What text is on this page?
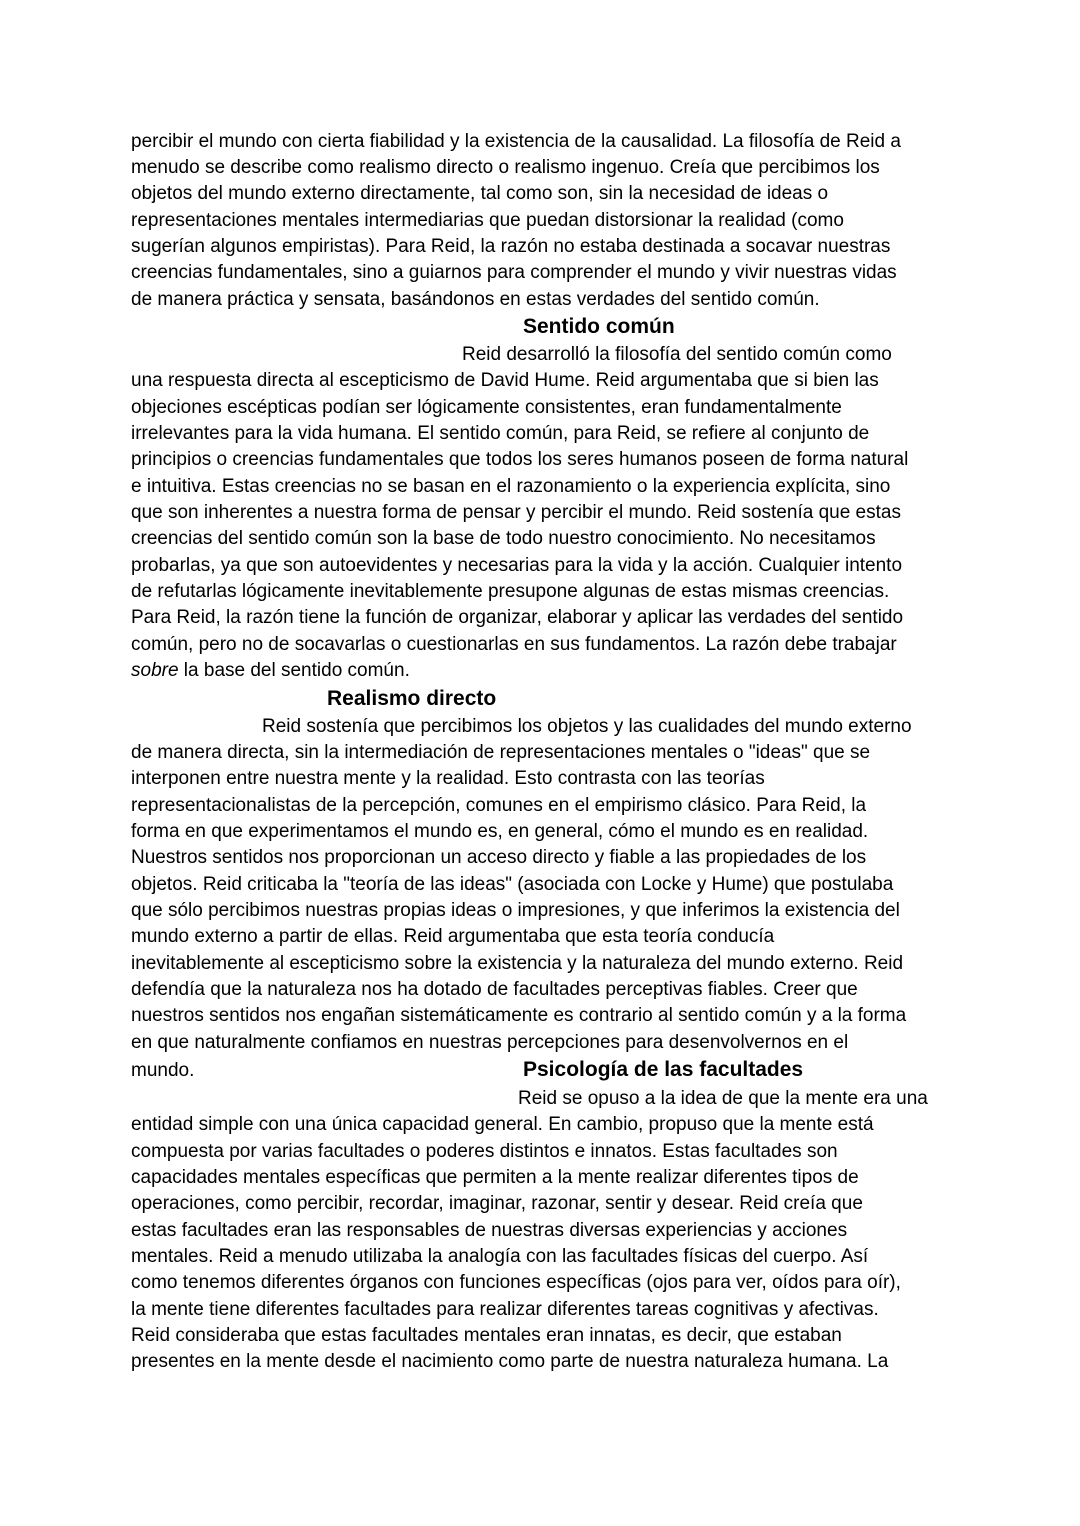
percibir el mundo con cierta fiabilidad y la existencia de la causalidad. La filosofía de Reid a
menudo se describe como realismo directo o realismo ingenuo. Creía que percibimos los
objetos del mundo externo directamente, tal como son, sin la necesidad de ideas o
representaciones mentales intermediarias que puedan distorsionar la realidad (como
sugerían algunos empiristas). Para Reid, la razón no estaba destinada a socavar nuestras
creencias fundamentales, sino a guiarnos para comprender el mundo y vivir nuestras vidas
de manera práctica y sensata, basándonos en estas verdades del sentido común.
Sentido común
Reid desarrolló la filosofía del sentido común como
una respuesta directa al escepticismo de David Hume. Reid argumentaba que si bien las
objeciones escépticas podían ser lógicamente consistentes, eran fundamentalmente
irrelevantes para la vida humana. El sentido común, para Reid, se refiere al conjunto de
principios o creencias fundamentales que todos los seres humanos poseen de forma natural
e intuitiva. Estas creencias no se basan en el razonamiento o la experiencia explícita, sino
que son inherentes a nuestra forma de pensar y percibir el mundo. Reid sostenía que estas
creencias del sentido común son la base de todo nuestro conocimiento. No necesitamos
probarlas, ya que son autoevidentes y necesarias para la vida y la acción. Cualquier intento
de refutarlas lógicamente inevitablemente presupone algunas de estas mismas creencias.
Para Reid, la razón tiene la función de organizar, elaborar y aplicar las verdades del sentido
común, pero no de socavarlas o cuestionarlas en sus fundamentos. La razón debe trabajar
sobre la base del sentido común.
Realismo directo
Reid sostenía que percibimos los objetos y las cualidades del mundo externo
de manera directa, sin la intermediación de representaciones mentales o "ideas" que se
interponen entre nuestra mente y la realidad. Esto contrasta con las teorías
representacionalistas de la percepción, comunes en el empirismo clásico. Para Reid, la
forma en que experimentamos el mundo es, en general, cómo el mundo es en realidad.
Nuestros sentidos nos proporcionan un acceso directo y fiable a las propiedades de los
objetos. Reid criticaba la "teoría de las ideas" (asociada con Locke y Hume) que postulaba
que sólo percibimos nuestras propias ideas o impresiones, y que inferimos la existencia del
mundo externo a partir de ellas. Reid argumentaba que esta teoría conducía
inevitablemente al escepticismo sobre la existencia y la naturaleza del mundo externo. Reid
defendía que la naturaleza nos ha dotado de facultades perceptivas fiables. Creer que
nuestros sentidos nos engañan sistemáticamente es contrario al sentido común y a la forma
en que naturalmente confiamos en nuestras percepciones para desenvolvernos en el
mundo.	Psicología de las facultades
Reid se opuso a la idea de que la mente era una
entidad simple con una única capacidad general. En cambio, propuso que la mente está
compuesta por varias facultades o poderes distintos e innatos. Estas facultades son
capacidades mentales específicas que permiten a la mente realizar diferentes tipos de
operaciones, como percibir, recordar, imaginar, razonar, sentir y desear. Reid creía que
estas facultades eran las responsables de nuestras diversas experiencias y acciones
mentales. Reid a menudo utilizaba la analogía con las facultades físicas del cuerpo. Así
como tenemos diferentes órganos con funciones específicas (ojos para ver, oídos para oír),
la mente tiene diferentes facultades para realizar diferentes tareas cognitivas y afectivas.
Reid consideraba que estas facultades mentales eran innatas, es decir, que estaban
presentes en la mente desde el nacimiento como parte de nuestra naturaleza humana. La
